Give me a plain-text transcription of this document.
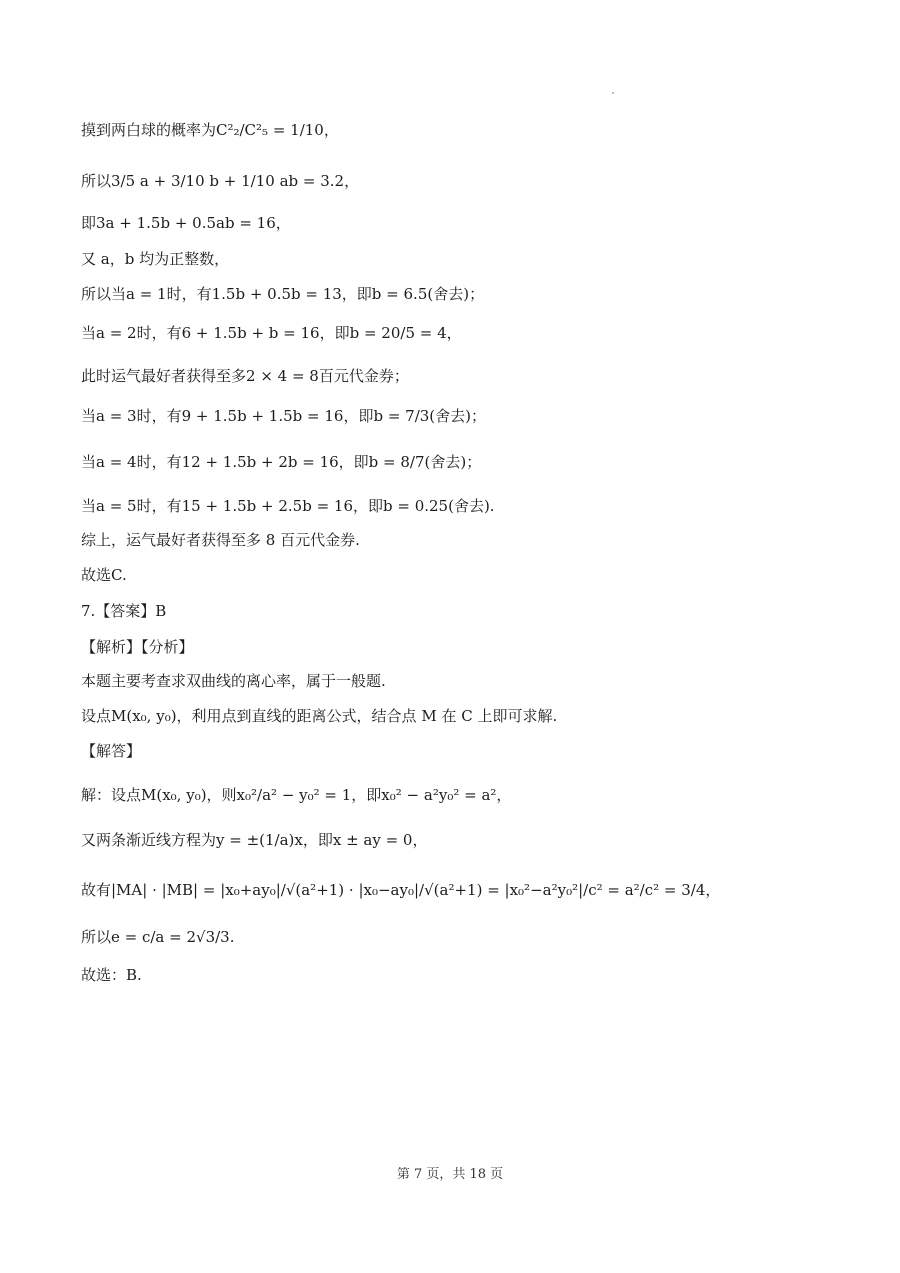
摸到两白球的概率为C²₂/C²₅ = 1/10，
所以3/5 a + 3/10 b + 1/10 ab = 3.2，
即3a + 1.5b + 0.5ab = 16，
又 a，b 均为正整数，
所以当a = 1时，有1.5b + 0.5b = 13，即b = 6.5(舍去)；
当a = 2时，有6 + 1.5b + b = 16，即b = 20/5 = 4，
此时运气最好者获得至多2 × 4 = 8百元代金券；
当a = 3时，有9 + 1.5b + 1.5b = 16，即b = 7/3(舍去)；
当a = 4时，有12 + 1.5b + 2b = 16，即b = 8/7(舍去)；
当a = 5时，有15 + 1.5b + 2.5b = 16，即b = 0.25(舍去).
综上，运气最好者获得至多 8 百元代金券.
故选C.
7.【答案】B
【解析】【分析】
本题主要考查求双曲线的离心率，属于一般题.
设点M(x₀, y₀)，利用点到直线的距离公式，结合点 M 在 C 上即可求解.
【解答】
解：设点M(x₀, y₀)，则x₀²/a² − y₀² = 1，即x₀² − a²y₀² = a²，
又两条渐近线方程为y = ±(1/a)x，即x ± ay = 0，
故有|MA| · |MB| = |x₀+ay₀|/√(a²+1) · |x₀−ay₀|/√(a²+1) = |x₀²−a²y₀²|/c² = a²/c² = 3/4，
所以e = c/a = 2√3/3.
故选：B.
第 7 页，共 18 页
